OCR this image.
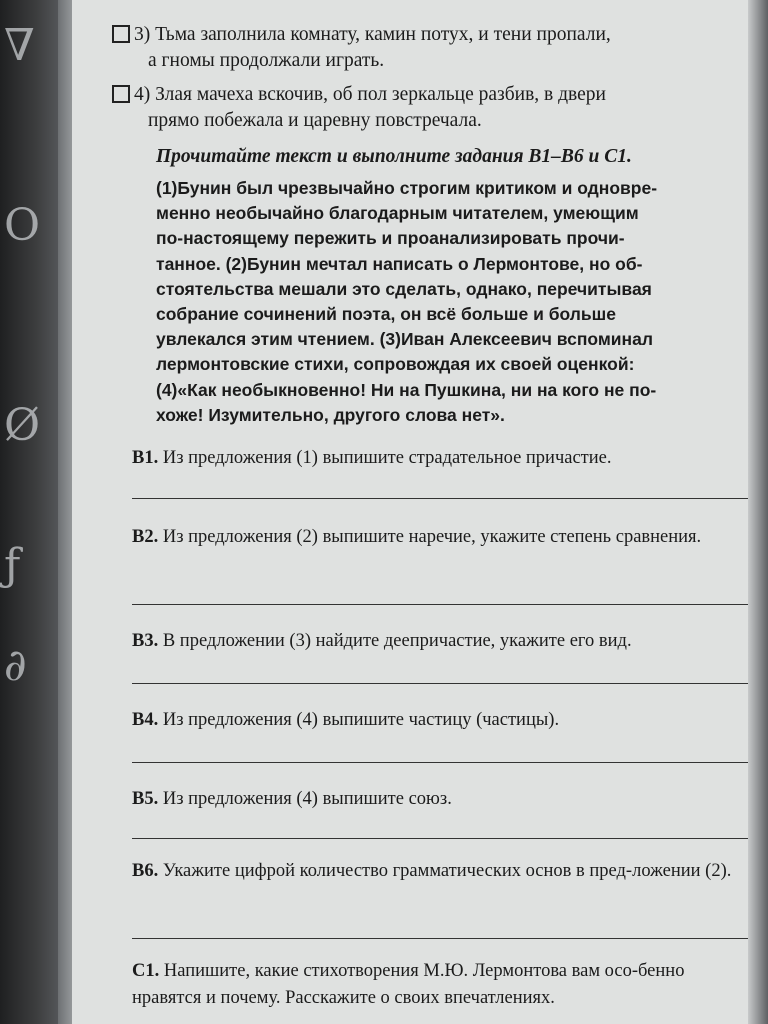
∇
O
Ø
ƒ
∂
3) Тьма заполнила комнату, камин потух, и тени пропали,
а гномы продолжали играть.
4) Злая мачеха вскочив, об пол зеркальце разбив, в двери
прямо побежала и царевну повстречала.
Прочитайте текст и выполните задания В1–В6 и С1.
(1)Бунин был чрезвычайно строгим критиком и одновре-
менно необычайно благодарным читателем, умеющим
по-настоящему пережить и проанализировать прочи-
танное. (2)Бунин мечтал написать о Лермонтове, но об-
стоятельства мешали это сделать, однако, перечитывая
собрание сочинений поэта, он всё больше и больше
увлекался этим чтением. (3)Иван Алексеевич вспоминал
лермонтовские стихи, сопровождая их своей оценкой:
(4)«Как необыкновенно! Ни на Пушкина, ни на кого не по-
хоже! Изумительно, другого слова нет».
В1. Из предложения (1) выпишите страдательное причастие.
В2. Из предложения (2) выпишите наречие, укажите степень сравнения.
В3. В предложении (3) найдите деепричастие, укажите его вид.
В4. Из предложения (4) выпишите частицу (частицы).
В5. Из предложения (4) выпишите союз.
В6. Укажите цифрой количество грамматических основ в пред-ложении (2).
С1. Напишите, какие стихотворения М.Ю. Лермонтова вам осо-бенно нравятся и почему. Расскажите о своих впечатлениях.
